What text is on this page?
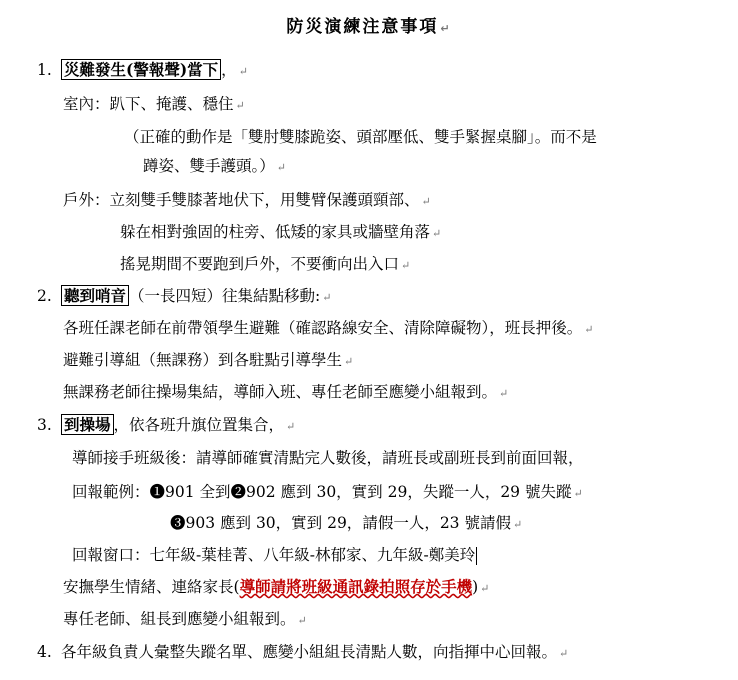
防災演練注意事項 ↵
1. 災難發生(警報聲)當下 ， ↵
室內：趴下、掩護、穩住 ↵
（正確的動作是「雙肘雙膝跪姿、頭部壓低、雙手緊握桌腳」。而不是
蹲姿、雙手護頭。） ↵
戶外：立刻雙手雙膝著地伏下，用雙臂保護頭頸部、 ↵
躲在相對強固的柱旁、低矮的家具或牆壁角落 ↵
搖晃期間不要跑到戶外，不要衝向出入口 ↵
2. 聽到哨音 （一長四短）往集結點移動: ↵
各班任課老師在前帶領學生避難（確認路線安全、清除障礙物），班長押後。 ↵
避難引導組（無課務）到各駐點引導學生 ↵
無課務老師往操場集結，導師入班、專任老師至應變小組報到。 ↵
3. 到操場 ，依各班升旗位置集合， ↵
導師接手班級後：請導師確實清點完人數後，請班長或副班長到前面回報，
回報範例：❶901 全到❷902 應到 30，實到 29，失蹤一人，29 號失蹤 ↵
❸903 應到 30，實到 29，請假一人，23 號請假 ↵
回報窗口：七年級-葉桂菁、八年級-林郁家、九年級-鄭美玲
安撫學生情緒、連絡家長(導師請將班級通訊錄拍照存於手機) ↵
專任老師、組長到應變小組報到。 ↵
4. 各年級負責人彙整失蹤名單、應變小組組長清點人數，向指揮中心回報。 ↵
